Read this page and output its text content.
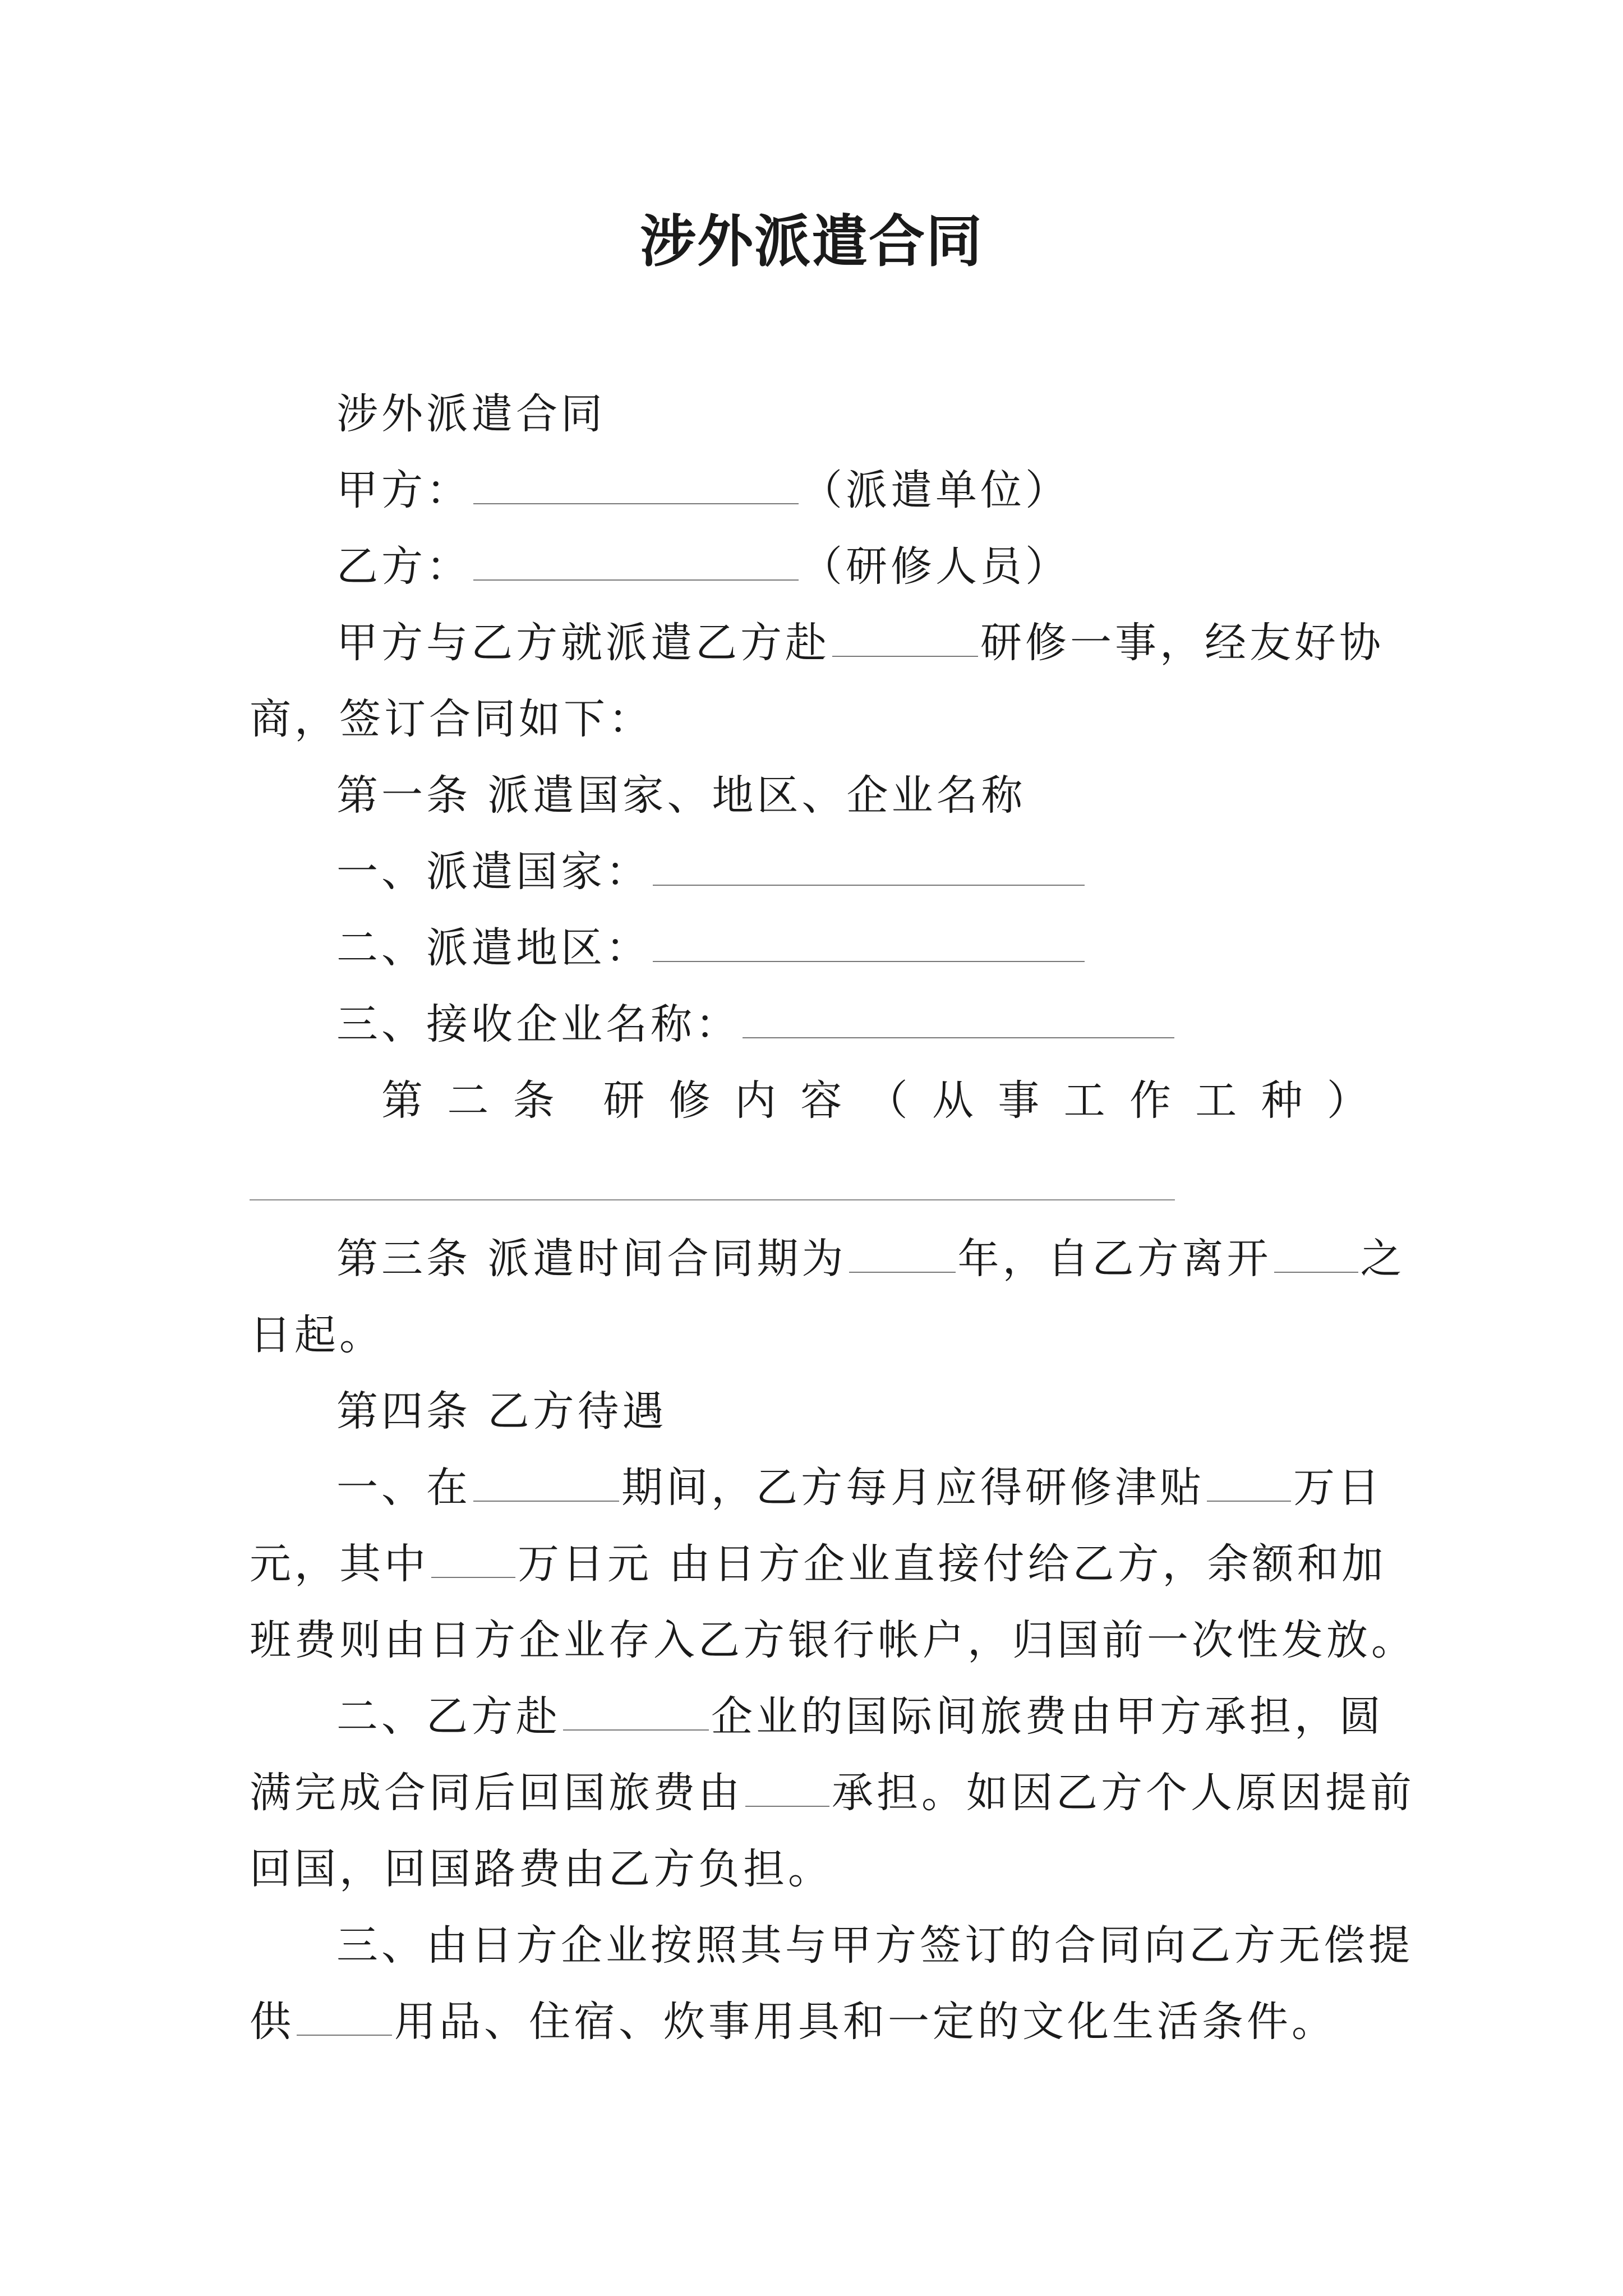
涉外派遣合同
涉外派遣合同
甲方：	（派遣单位）
乙方：	（研修人员）
甲方与乙方就派遣乙方赴	研修一事，经友好协
商，签订合同如下：
第一条 派遣国家、地区、企业名称
一、派遣国家：
二、派遣地区：
三、接收企业名称：
第 二 条 研 修 内 容 （ 从 事 工 作 工 种 ）
第三条 派遣时间合同期为	年，自乙方离开 之
日起。
第四条 乙方待遇
一、在	期间，乙方每月应得研修津贴 万日
元，其中 万日元 由日方企业直接付给乙方，余额和加
班费则由日方企业存入乙方银行帐户，归国前一次性发放。
二、乙方赴	企业的国际间旅费由甲方承担，圆
满完成合同后回国旅费由 承担。如因乙方个人原因提前
回国，回国路费由乙方负担。
三、由日方企业按照其与甲方签订的合同向乙方无偿提
供 用品、住宿、炊事用具和一定的文化生活条件。
